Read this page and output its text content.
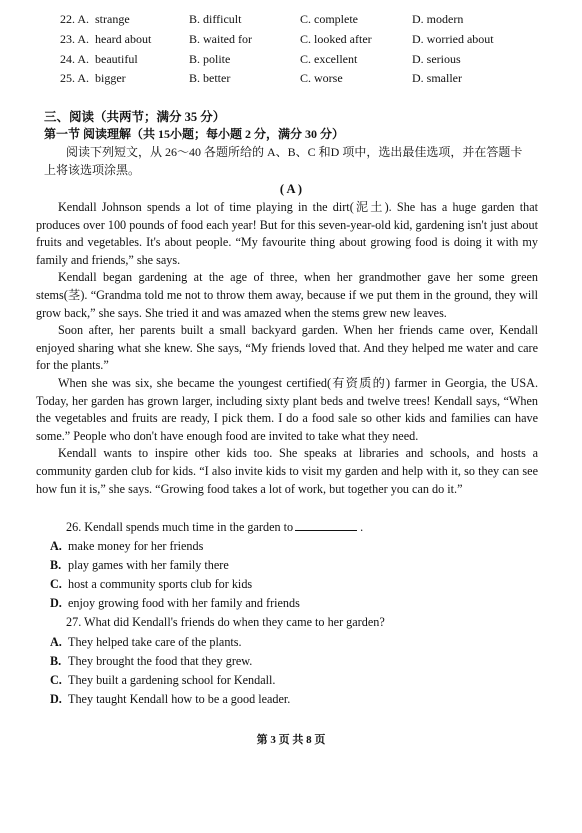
22. A. strange	B. difficult	C. complete	D. modern
23. A. heard about	B. waited for	C. looked after	D. worried about
24. A. beautiful	B. polite	C. excellent	D. serious
25. A. bigger	B. better	C. worse	D. smaller
三、阅读（共两节；满分 35 分）
第一节 阅读理解（共 15小题；每小题 2 分，满分 30 分）

阅读下列短文，从 26～40 各题所给的 A、B、C 和D 项中，选出最佳选项，并在答题卡

上将该选项涂黑。

( A )

Kendall Johnson spends a lot of time playing in the dirt(泥土). She has a huge garden that produces over 100 pounds of food each year! But for this seven-year-old kid, gardening isn't just about fruits and vegetables. It's about people. “My favourite thing about growing food is doing it with my family and friends,” she says.

Kendall began gardening at the age of three, when her grandmother gave her some green stems(茎). “Grandma told me not to throw them away, because if we put them in the ground, they will grow back,” she says. She tried it and was amazed when the stems grew new leaves.

Soon after, her parents built a small backyard garden. When her friends came over, Kendall enjoyed sharing what she knew. She says, “My friends loved that. And they helped me water and care for the plants.”

When she was six, she became the youngest certified(有资质的) farmer in Georgia, the USA. Today, her garden has grown larger, including sixty plant beds and twelve trees! Kendall says, “When the vegetables and fruits are ready, I pick them. I do a food sale so other kids and families can have some.” People who don't have enough food are invited to take what they need.

Kendall wants to inspire other kids too. She speaks at libraries and schools, and hosts a community garden club for kids. “I also invite kids to visit my garden and help with it, so they can see how fun it is,” she says. “Growing food takes a lot of work, but together you can do it.”

26. Kendall spends much time in the garden to	.
A. make money for her friends
B. play games with her family there
C. host a community sports club for kids
D. enjoy growing food with her family and friends
27. What did Kendall's friends do when they came to her garden?
A. They helped take care of the plants.
B. They brought the food that they grew.
C. They built a gardening school for Kendall.
D. They taught Kendall how to be a good leader.
第 3 页 共 8 页
